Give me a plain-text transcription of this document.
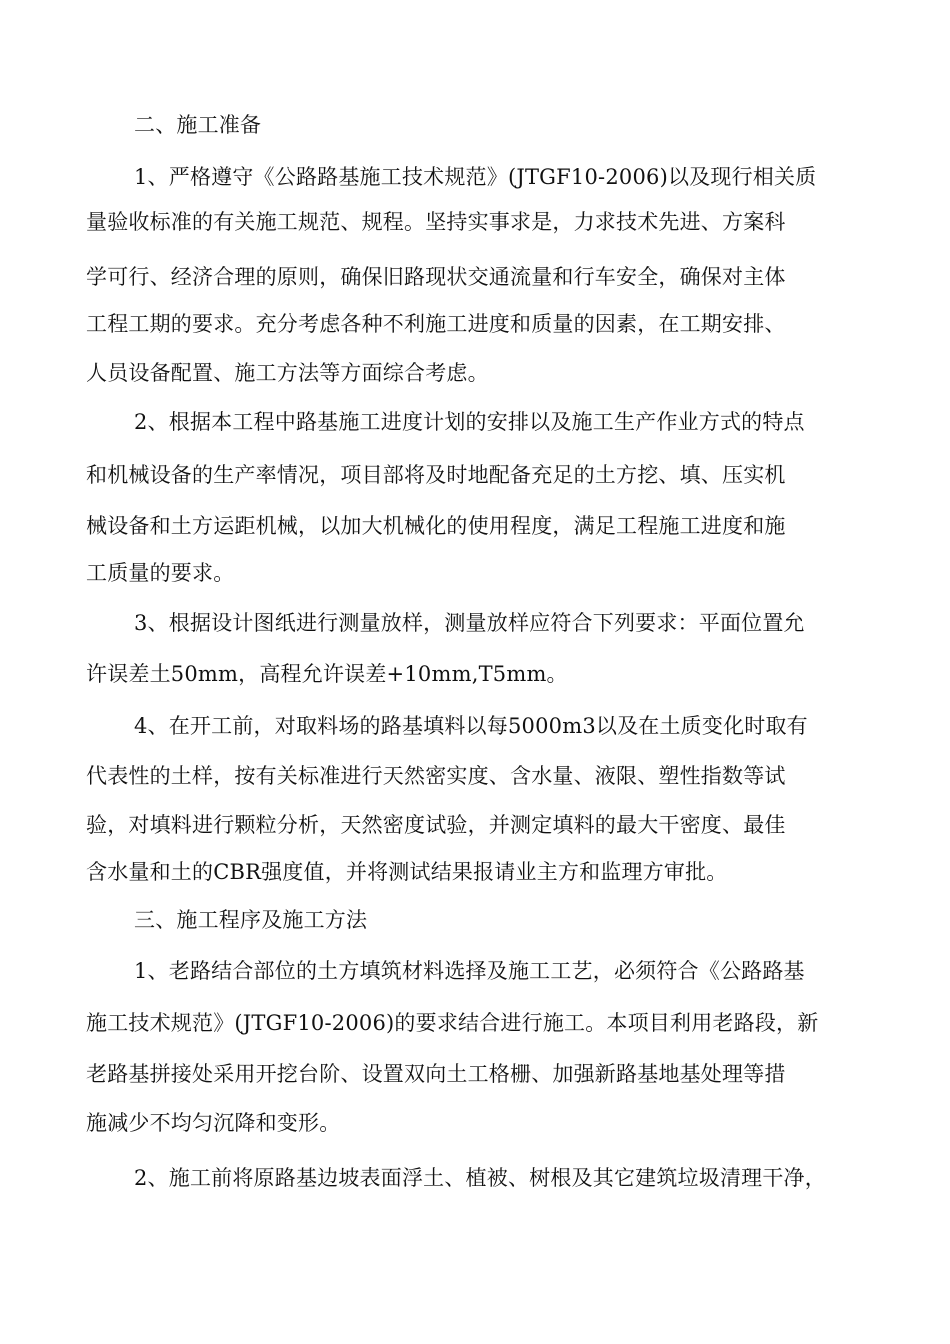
二、施工准备
1、严格遵守《公路路基施工技术规范》(JTGF10-2006)以及现行相关质
量验收标准的有关施工规范、规程。坚持实事求是，力求技术先进、方案科
学可行、经济合理的原则，确保旧路现状交通流量和行车安全，确保对主体
工程工期的要求。充分考虑各种不利施工进度和质量的因素，在工期安排、
人员设备配置、施工方法等方面综合考虑。
2、根据本工程中路基施工进度计划的安排以及施工生产作业方式的特点
和机械设备的生产率情况，项目部将及时地配备充足的土方挖、填、压实机
械设备和土方运距机械，以加大机械化的使用程度，满足工程施工进度和施
工质量的要求。
3、根据设计图纸进行测量放样，测量放样应符合下列要求：平面位置允
许误差土50mm，高程允许误差+10mm,T5mm。
4、在开工前，对取料场的路基填料以每5000m3以及在土质变化时取有
代表性的土样，按有关标准进行天然密实度、含水量、液限、塑性指数等试
验，对填料进行颗粒分析，天然密度试验，并测定填料的最大干密度、最佳
含水量和土的CBR强度值，并将测试结果报请业主方和监理方审批。
三、施工程序及施工方法
1、老路结合部位的土方填筑材料选择及施工工艺，必须符合《公路路基
施工技术规范》(JTGF10-2006)的要求结合进行施工。本项目利用老路段，新
老路基拼接处采用开挖台阶、设置双向土工格栅、加强新路基地基处理等措
施减少不均匀沉降和变形。
2、施工前将原路基边坡表面浮土、植被、树根及其它建筑垃圾清理干净，
